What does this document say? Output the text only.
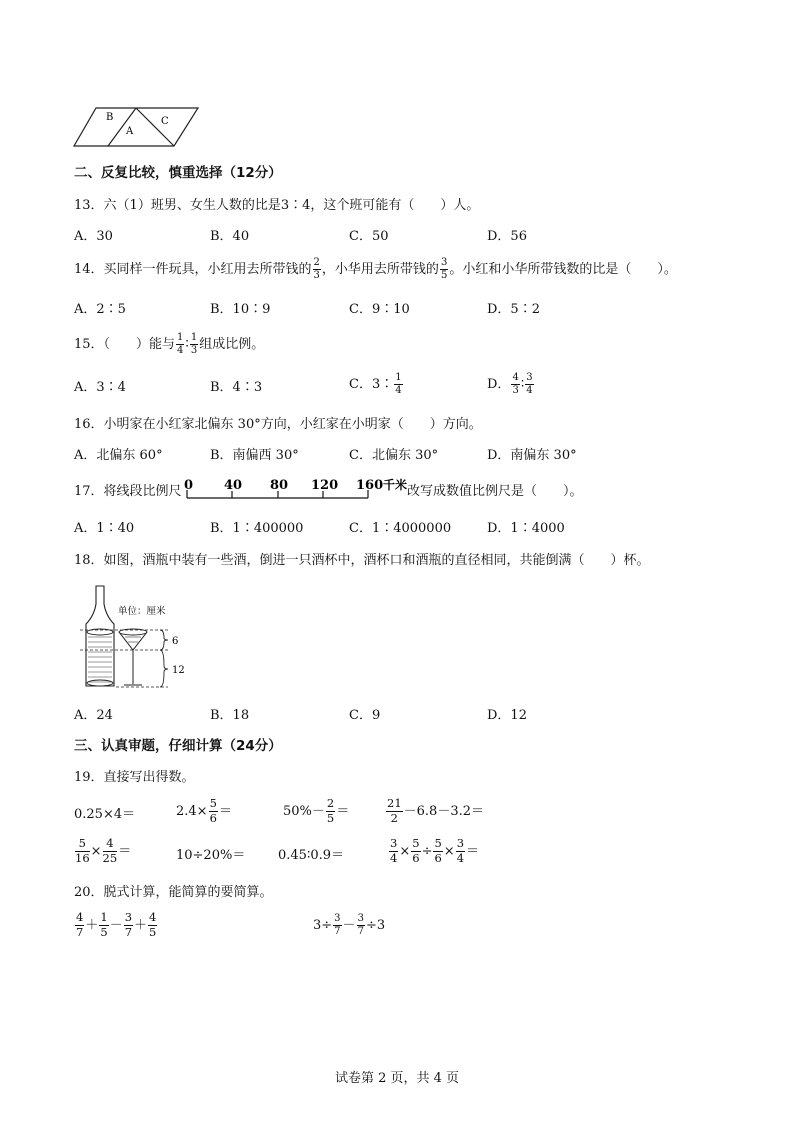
B
A
C
二、反复比较，慎重选择（12分）
13．六（1）班男、女生人数的比是3∶4，这个班可能有（　　）人。
A．30	B．40	C．50	D．56
14．买同样一件玩具，小红用去所带钱的 $\frac{2}{3}$ ，小华用去所带钱的 $\frac{3}{5}$ 。小红和小华所带钱数的比是（　　）。
A．2∶5	B．10∶9	C．9∶10	D．5∶2
15．（　　）能与 $\frac{1}{4}$ ∶ $\frac{1}{3}$ 组成比例。
A．3∶4	B．4∶3	C．3∶ $\frac{1}{4}$	D． $\frac{4}{3}$ ∶ $\frac{3}{4}$
16．小明家在小红家北偏东 30°方向，小红家在小明家（　　）方向。
A．北偏东 60°	B．南偏西 30°	C．北偏东 30°	D．南偏东 30°
17．将线段比例尺 0 40 80 120 160 千米 改写成数值比例尺是（　　）。
A．1∶40	B．1∶400000	C．1∶4000000	D．1∶4000
18．如图，酒瓶中装有一些酒，倒进一只酒杯中，酒杯口和酒瓶的直径相同，共能倒满（　　）杯。
单位：厘米
6
12
A．24	B．18	C．9	D．12
三、认真审题，仔细计算（24分）
19．直接写出得数。
0.25×4＝	$2.4\times \frac{5}{6}$ ＝	$50\%- \frac{2}{5}$ ＝	$\frac{21}{2} -6.8-3.2=$
$\frac{5}{16} \times \frac{4}{25}$ ＝	10÷20%＝	0.45∶0.9＝	$\frac{3}{4} \times \frac{5}{6} \div \frac{5}{6} \times \frac{3}{4}$ ＝
20．脱式计算，能简算的要简算。
$\frac{4}{7} + \frac{1}{5} - \frac{3}{7} + \frac{4}{5}$	$3\div \frac{3}{7} - \frac{3}{7} \div 3$
试卷第 2 页，共 4 页
